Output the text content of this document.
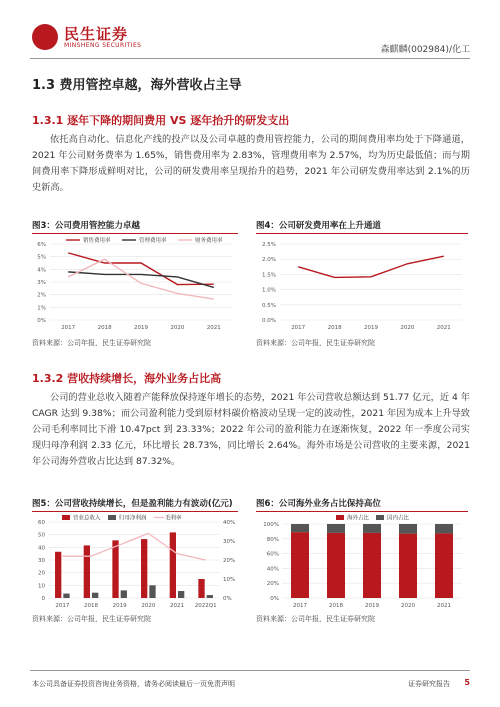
民生证券
MINSHENG SECURITIES	森麒麟(002984)/化工
1.3 费用管控卓越，海外营收占主导
1.3.1 逐年下降的期间费用 VS 逐年抬升的研发支出
依托高自动化、信息化产线的投产以及公司卓越的费用管控能力，公司的期间费用率均处于下降通道，2021 年公司财务费率为 1.65%，销售费用率为 2.83%，管理费用率为 2.57%，均为历史最低值；而与期间费用率下降形成鲜明对比，公司的研发费用率呈现抬升的趋势，2021 年公司研发费用率达到 2.1%的历史新高。
图3：公司费用管控能力卓越
0%
1%
2%
3%
4%
5%
6%
2017	2018	2019	2020	2021
销售费用率	管理费用率	财务费用率
图4：公司研发费用率在上升通道
0.0%
0.5%
1.0%
1.5%
2.0%
2.5%
2017	2018	2019	2020	2021
资料来源：公司年报，民生证券研究院	资料来源：公司年报，民生证券研究院
1.3.2 营收持续增长，海外业务占比高
公司的营业总收入随着产能释放保持逐年增长的态势，2021 年公司营收总额达到 51.77 亿元，近 4 年 CAGR 达到 9.38%；而公司盈利能力受到原材料碳价格波动呈现一定的波动性，2021 年因为成本上升导致公司毛利率同比下滑 10.47pct 到 23.33%；2022 年公司的盈利能力在逐渐恢复，2022 年一季度公司实现归母净利润 2.33 亿元，环比增长 28.73%，同比增长 2.64%。海外市场是公司营收的主要来源，2021 年公司海外营收占比达到 87.32%。
图5：公司营收持续增长，但是盈利能力有波动(亿元)
0
10
20
30
40
50
60
0%
10%
20%
30%
40%
2017	2018	2019	2020	2021 2022Q1
营业总收入	归母净利润	毛利率
图6：公司海外业务占比保持高位
0%
20%
40%
60%
80%
100%
2017	2018	2019	2020	2021
海外占比	国内占比
资料来源：公司年报，民生证券研究院	资料来源：公司年报，民生证券研究院
本公司具备证券投资咨询业务资格，请务必阅读最后一页免责声明	证券研究报告 5
